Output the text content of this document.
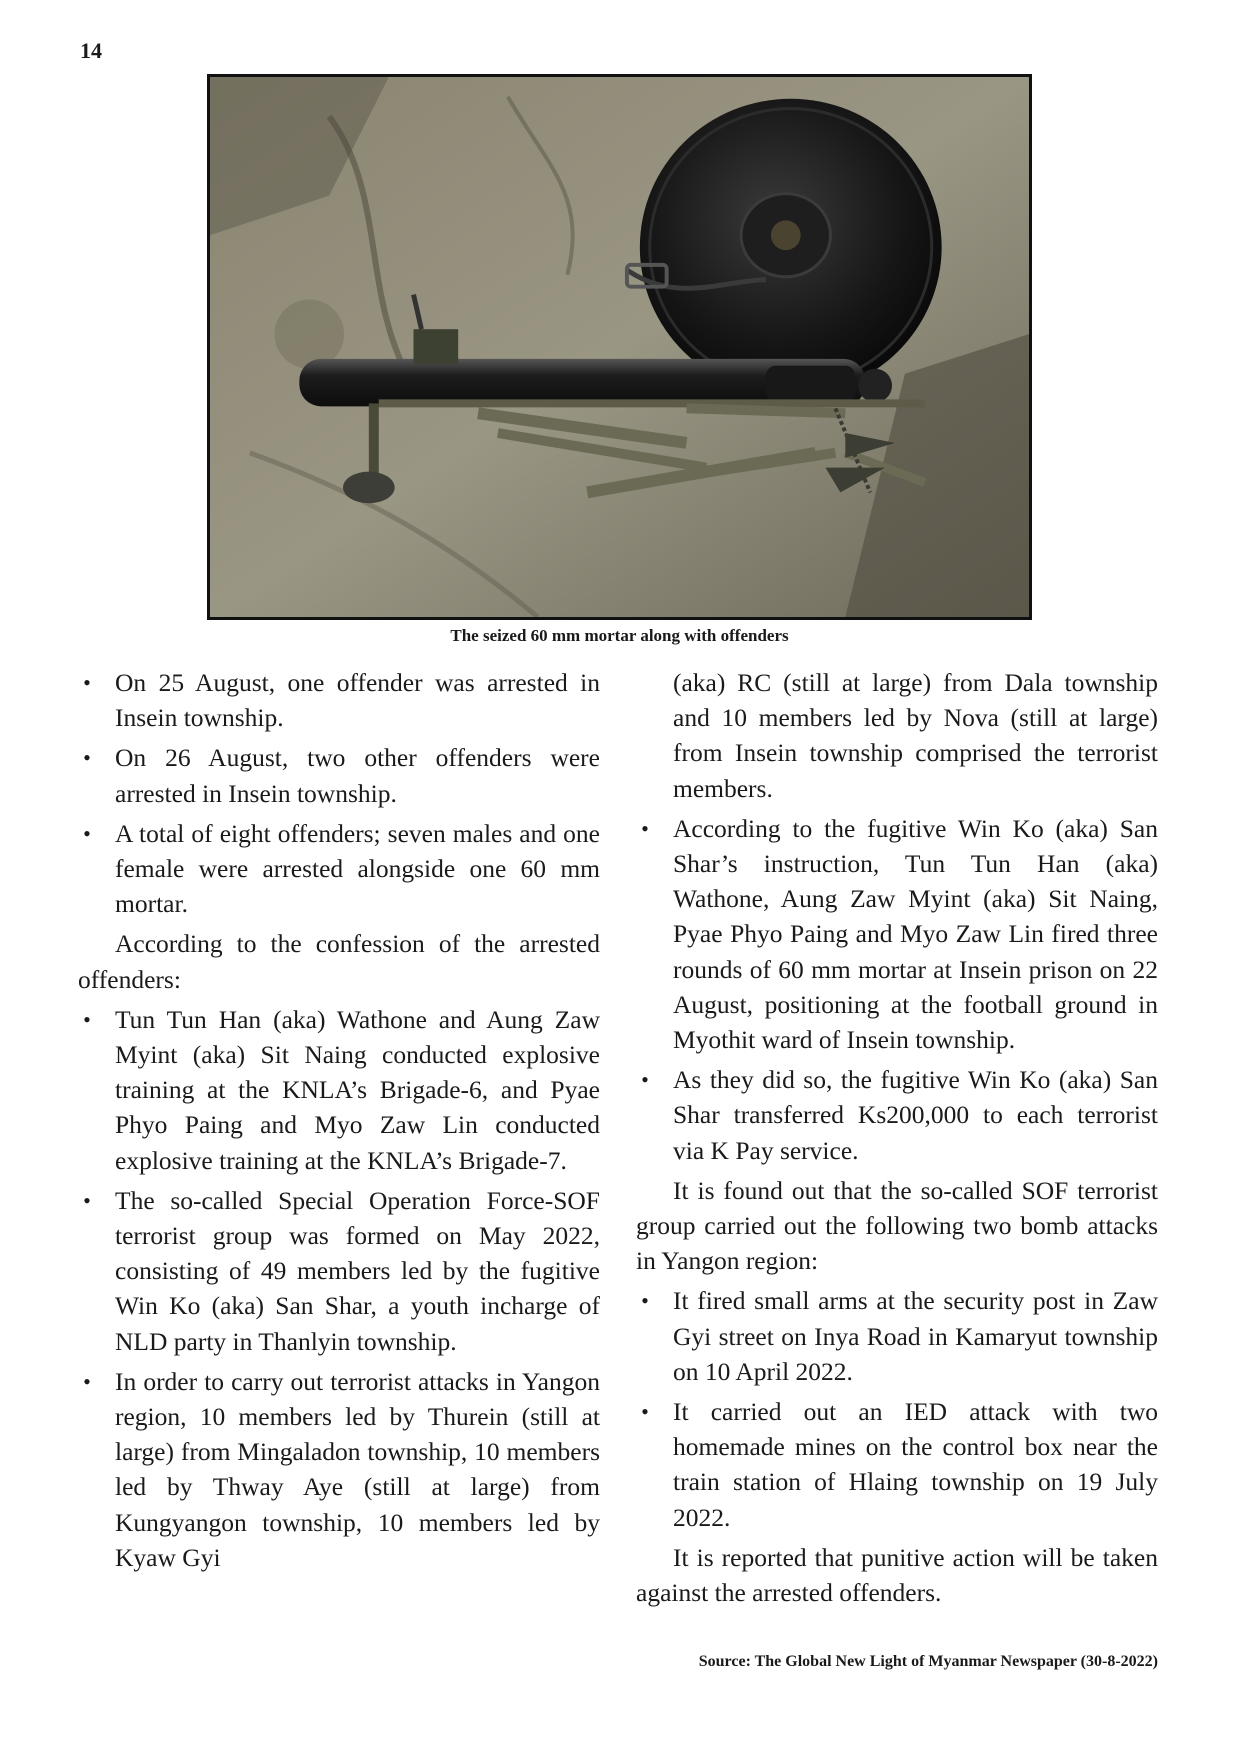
14
The seized 60 mm mortar along with offenders
• On 25 August, one offender was arrested in Insein township.
• On 26 August, two other offenders were arrested in Insein township.
• A total of eight offenders; seven males and one female were arrested alongside one 60 mm mortar.

According to the confession of the arrested offenders:

• Tun Tun Han (aka) Wathone and Aung Zaw Myint (aka) Sit Naing conducted explosive training at the KNLA’s Brigade-6, and Pyae Phyo Paing and Myo Zaw Lin conducted explosive training at the KNLA’s Brigade-7.
• The so-called Special Operation Force-SOF terrorist group was formed on May 2022, consisting of 49 members led by the fugitive Win Ko (aka) San Shar, a youth incharge of NLD party in Thanlyin township.
• In order to carry out terrorist attacks in Yangon region, 10 members led by Thurein (still at large) from Mingaladon township, 10 members led by Thway Aye (still at large) from Kungyangon township, 10 members led by Kyaw Gyi
(aka) RC (still at large) from Dala township and 10 members led by Nova (still at large) from Insein township comprised the terrorist members.
• According to the fugitive Win Ko (aka) San Shar’s instruction, Tun Tun Han (aka) Wathone, Aung Zaw Myint (aka) Sit Naing, Pyae Phyo Paing and Myo Zaw Lin fired three rounds of 60 mm mortar at Insein prison on 22 August, positioning at the football ground in Myothit ward of Insein township.
• As they did so, the fugitive Win Ko (aka) San Shar transferred Ks200,000 to each terrorist via K Pay service.

It is found out that the so-called SOF terrorist group carried out the following two bomb attacks in Yangon region:

• It fired small arms at the security post in Zaw Gyi street on Inya Road in Kamaryut township on 10 April 2022.
• It carried out an IED attack with two homemade mines on the control box near the train station of Hlaing township on 19 July 2022.

It is reported that punitive action will be taken against the arrested offenders.

Source: The Global New Light of Myanmar Newspaper (30-8-2022)
